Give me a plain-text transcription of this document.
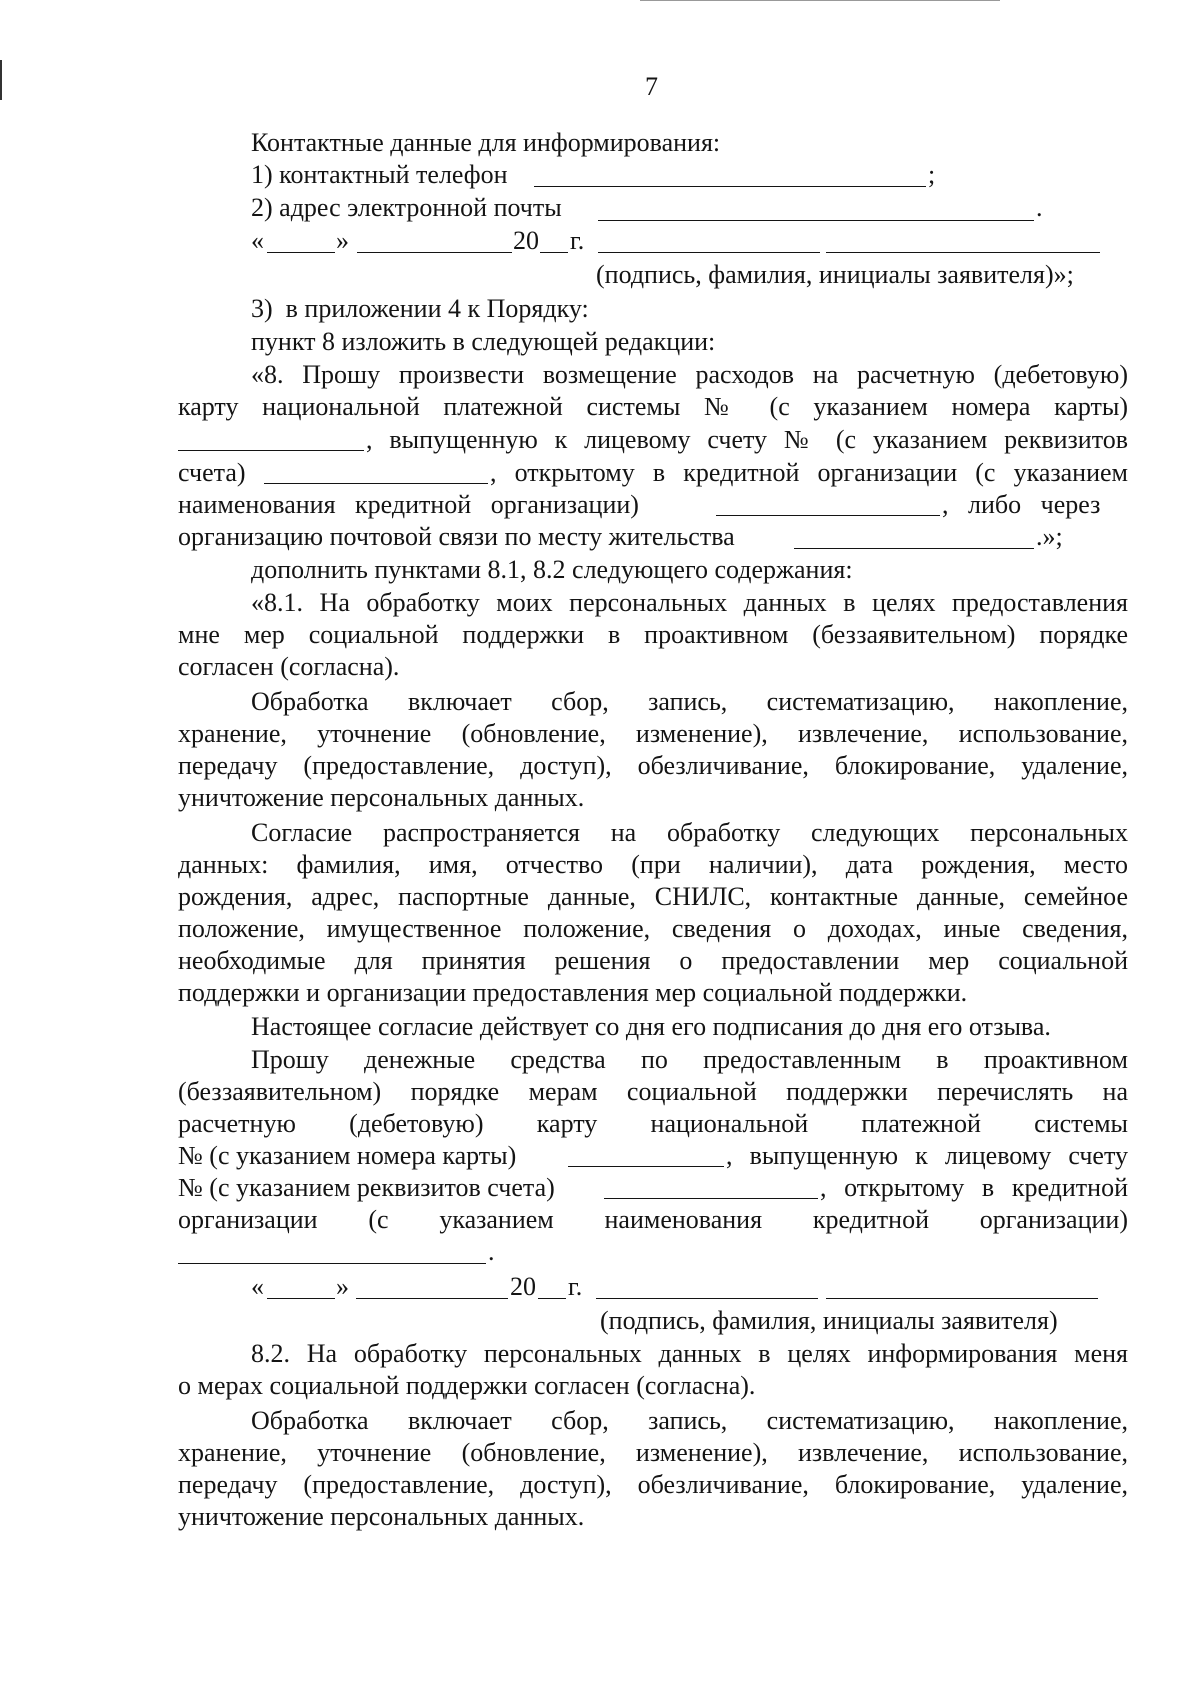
7
Контактные данные для информирования:
1) контактный телефон	;
2) адрес электронной почты	.
«	»	20 г.
(подпись, фамилия, инициалы заявителя)»;
3)  в приложении 4 к Порядку:
пункт 8 изложить в следующей редакции:
«8. Прошу произвести возмещение расходов на расчетную (дебетовую)
карту национальной платежной системы № (с указанием номера карты)
, выпущенную к лицевому счету № (с указанием реквизитов
счета)	, открытому в кредитной организации (с указанием
наименования   кредитной   организации)	,   либо   через
организацию почтовой связи по месту жительства	.»;
дополнить пунктами 8.1, 8.2 следующего содержания:
«8.1. На обработку моих персональных данных в целях предоставления
мне мер социальной поддержки в проактивном (беззаявительном) порядке
согласен (согласна).
Обработка включает сбор, запись, систематизацию, накопление,
хранение, уточнение (обновление, изменение), извлечение, использование,
передачу (предоставление, доступ), обезличивание, блокирование, удаление,
уничтожение персональных данных.
Согласие распространяется на обработку следующих персональных
данных: фамилия, имя, отчество (при наличии), дата рождения, место
рождения, адрес, паспортные данные, СНИЛС, контактные данные, семейное
положение, имущественное положение, сведения о доходах, иные сведения,
необходимые для принятия решения о предоставлении мер социальной
поддержки и организации предоставления мер социальной поддержки.
Настоящее согласие действует со дня его подписания до дня его отзыва.
Прошу денежные средства по предоставленным в проактивном
(беззаявительном) порядке мерам социальной поддержки перечислять на
расчетную (дебетовую) карту национальной платежной системы
№ (с указанием номера карты)	, выпущенную к лицевому счету
№ (с указанием реквизитов счета)	, открытому в кредитной
организации (с указанием наименования кредитной организации)
.
«	»	20 г.
(подпись, фамилия, инициалы заявителя)
8.2. На обработку персональных данных в целях информирования меня
о мерах социальной поддержки согласен (согласна).
Обработка включает сбор, запись, систематизацию, накопление,
хранение, уточнение (обновление, изменение), извлечение, использование,
передачу (предоставление, доступ), обезличивание, блокирование, удаление,
уничтожение персональных данных.
